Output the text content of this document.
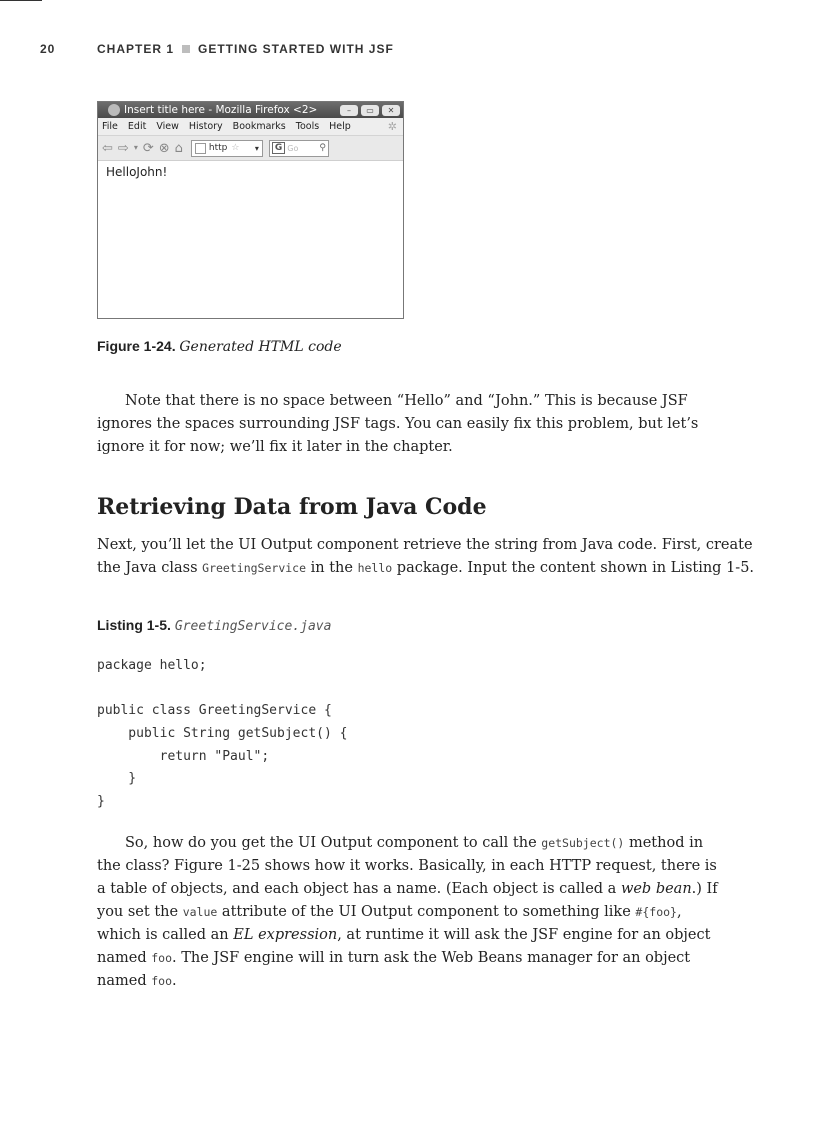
20	CHAPTER 1 GETTING STARTED WITH JSF
Insert title here - Mozilla Firefox <2>	–	▭	✕
File Edit View History Bookmarks Tools Help	✲
⇦ ⇨ ▾ ⟳ ⊗ ⌂	http ☆ ▾	G Go ⚲
HelloJohn!
Figure 1-24. Generated HTML code
Note that there is no space between “Hello” and “John.” This is because JSF ignores the spaces surrounding JSF tags. You can easily fix this problem, but let’s ignore it for now; we’ll fix it later in the chapter.
Retrieving Data from Java Code
Next, you’ll let the UI Output component retrieve the string from Java code. First, create the Java class GreetingService in the hello package. Input the content shown in Listing 1-5.
Listing 1-5. GreetingService.java
package hello;
public class GreetingService {
public String getSubject() {
return "Paul";
}
}
So, how do you get the UI Output component to call the getSubject() method in the class? Figure 1-25 shows how it works. Basically, in each HTTP request, there is a table of objects, and each object has a name. (Each object is called a web bean.) If you set the value attribute of the UI Output component to something like #{foo}, which is called an EL expression, at runtime it will ask the JSF engine for an object named foo. The JSF engine will in turn ask the Web Beans manager for an object named foo.
